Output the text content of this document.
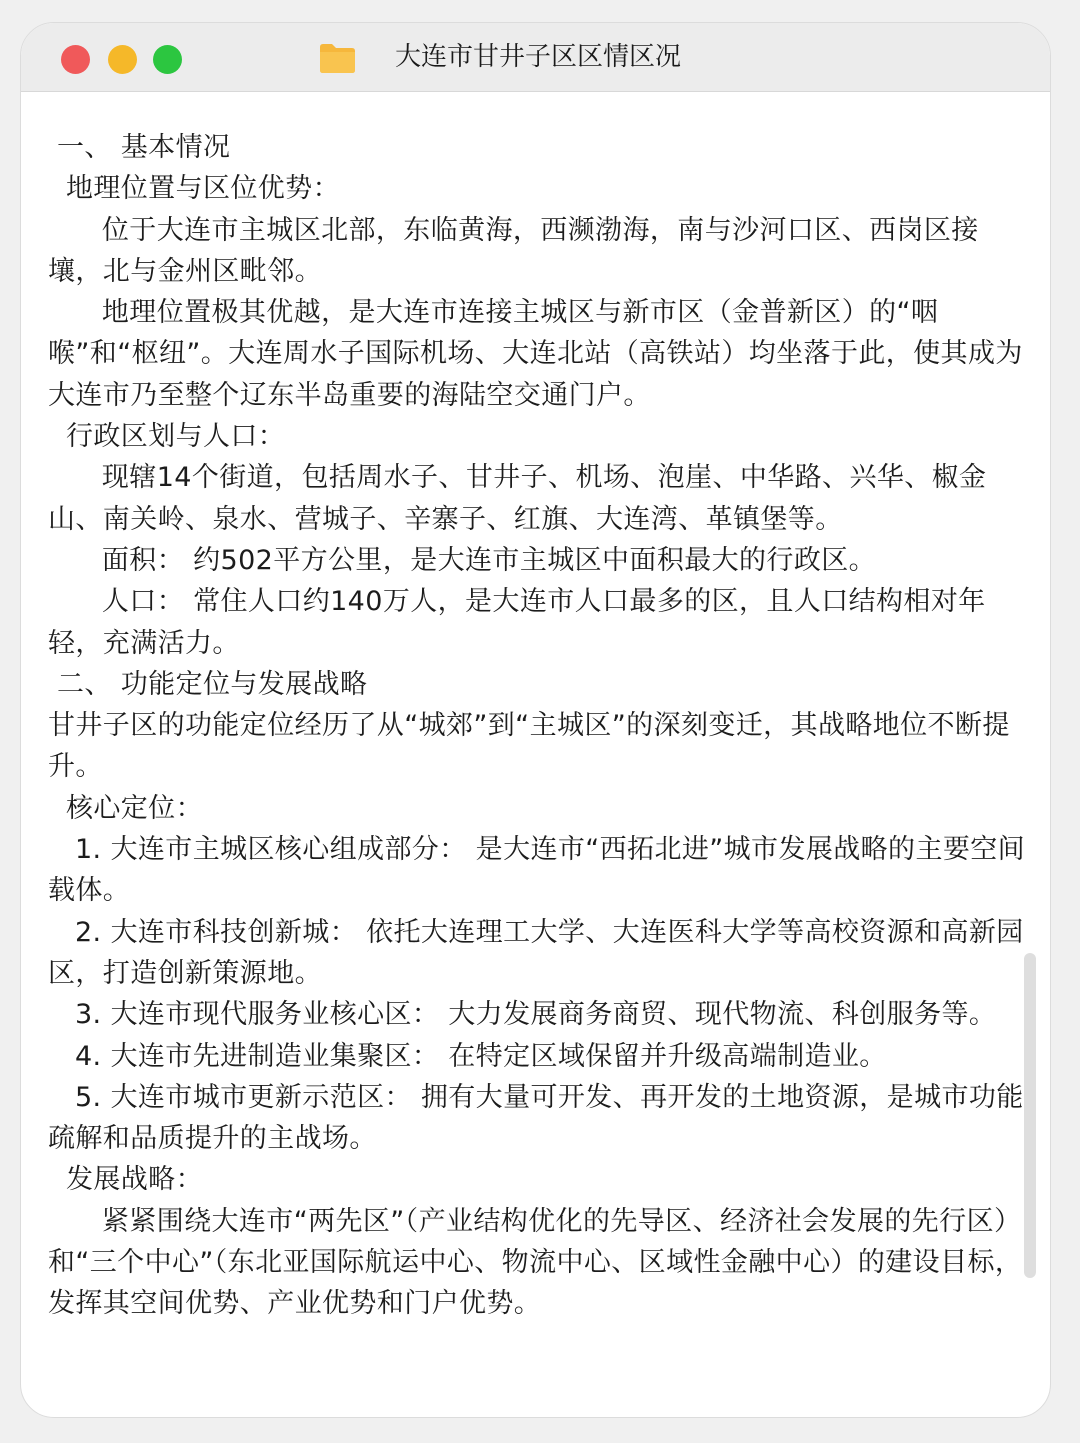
大连市甘井子区区情区况

一、 基本情况

地理位置与区位优势：

位于大连市主城区北部，东临黄海，西濒渤海，南与沙河口区、西岗区接壤，北与金州区毗邻。

地理位置极其优越，是大连市连接主城区与新市区（金普新区）的“咽喉”和“枢纽”。大连周水子国际机场、大连北站（高铁站）均坐落于此，使其成为大连市乃至整个辽东半岛重要的海陆空交通门户。

行政区划与人口：

现辖14个街道，包括周水子、甘井子、机场、泡崖、中华路、兴华、椒金山、南关岭、泉水、营城子、辛寨子、红旗、大连湾、革镇堡等。

面积： 约502平方公里，是大连市主城区中面积最大的行政区。

人口： 常住人口约140万人，是大连市人口最多的区，且人口结构相对年轻，充满活力。

二、 功能定位与发展战略

甘井子区的功能定位经历了从“城郊”到“主城区”的深刻变迁，其战略地位不断提升。

核心定位：

1. 大连市主城区核心组成部分： 是大连市“西拓北进”城市发展战略的主要空间载体。

2. 大连市科技创新城： 依托大连理工大学、大连医科大学等高校资源和高新园区，打造创新策源地。

3. 大连市现代服务业核心区： 大力发展商务商贸、现代物流、科创服务等。

4. 大连市先进制造业集聚区： 在特定区域保留并升级高端制造业。

5. 大连市城市更新示范区： 拥有大量可开发、再开发的土地资源，是城市功能疏解和品质提升的主战场。

发展战略：

紧紧围绕大连市“两先区”（产业结构优化的先导区、经济社会发展的先行区）和“三个中心”（东北亚国际航运中心、物流中心、区域性金融中心）的建设目标，发挥其空间优势、产业优势和门户优势。
